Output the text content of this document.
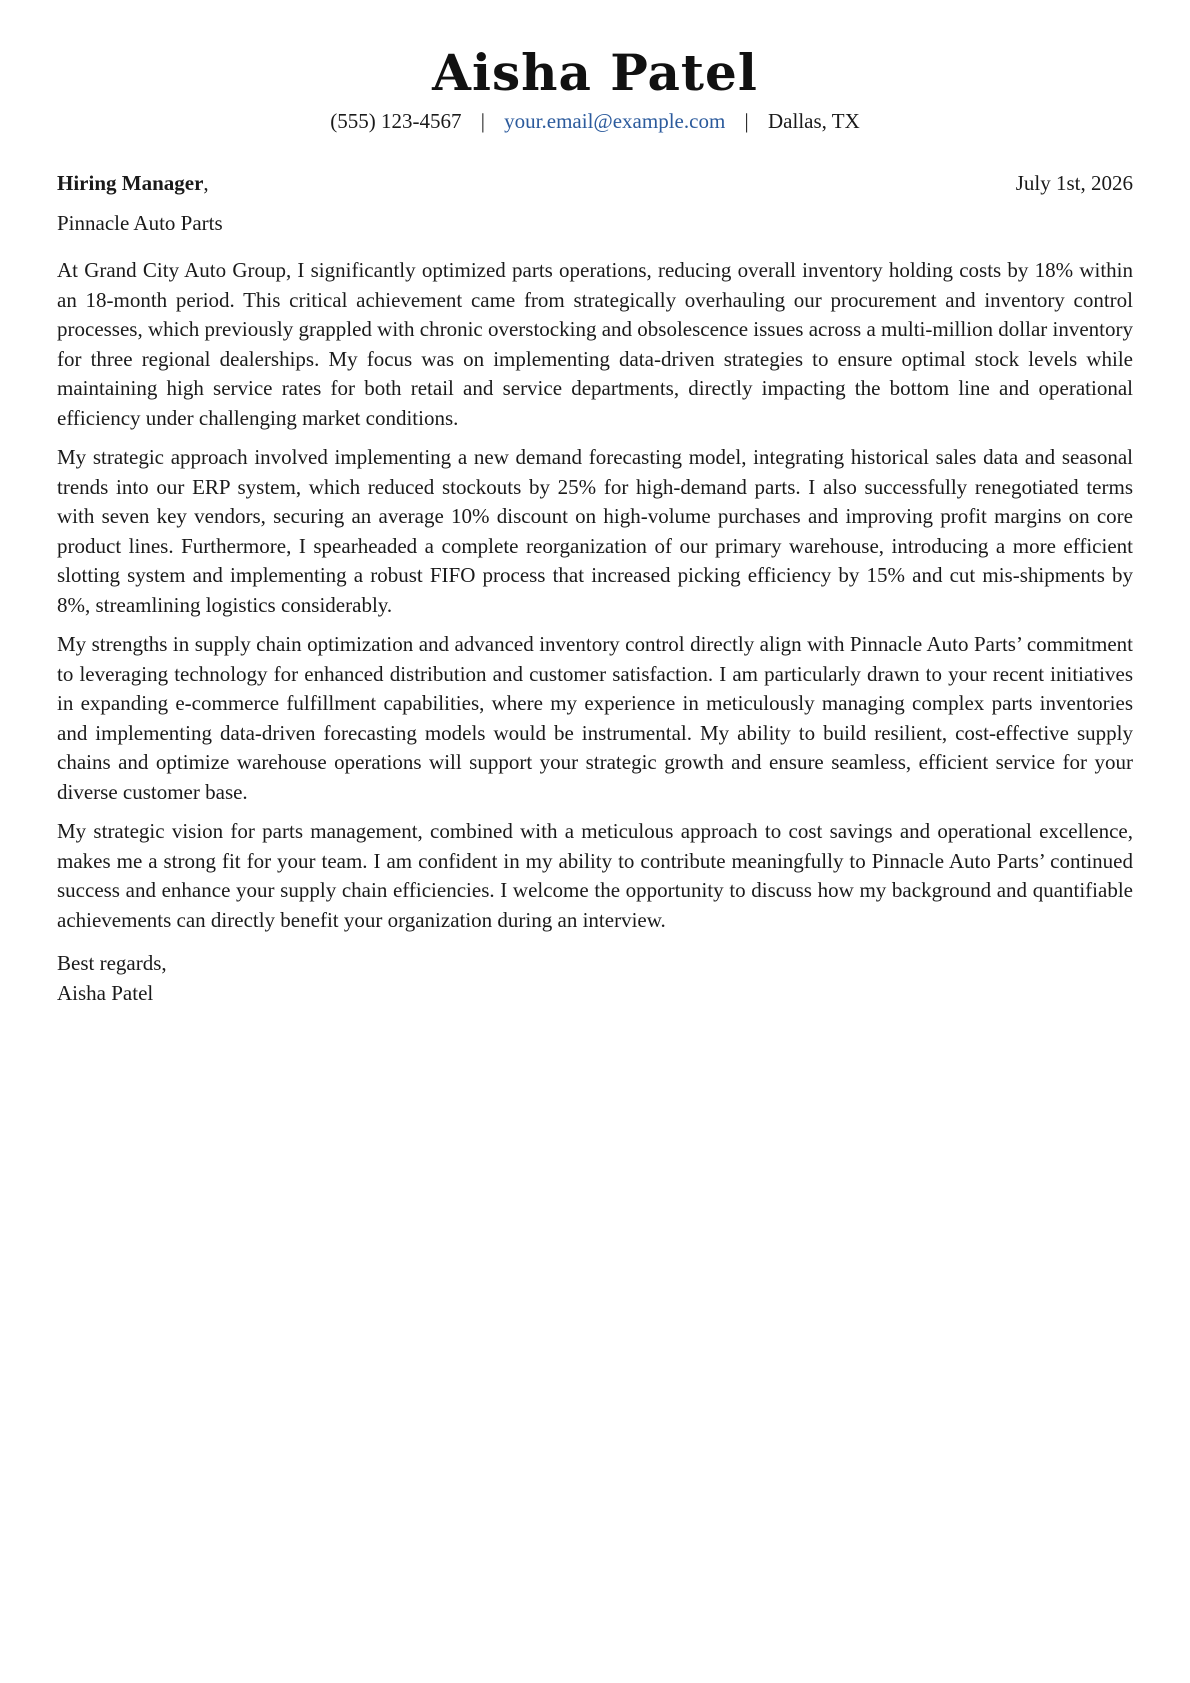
Aisha Patel
(555) 123-4567 | your.email@example.com | Dallas, TX
Hiring Manager,	July 1st, 2026
Pinnacle Auto Parts

At Grand City Auto Group, I significantly optimized parts operations, reducing overall inventory holding costs by 18% within an 18-month period. This critical achievement came from strategically overhauling our procurement and inventory control processes, which previously grappled with chronic overstocking and obsolescence issues across a multi-million dollar inventory for three regional dealerships. My focus was on implementing data-driven strategies to ensure optimal stock levels while maintaining high service rates for both retail and service departments, directly impacting the bottom line and operational efficiency under challenging market conditions.

My strategic approach involved implementing a new demand forecasting model, integrating historical sales data and seasonal trends into our ERP system, which reduced stockouts by 25% for high-demand parts. I also successfully renegotiated terms with seven key vendors, securing an average 10% discount on high-volume purchases and improving profit margins on core product lines. Furthermore, I spearheaded a complete reorganization of our primary warehouse, introducing a more efficient slotting system and implementing a robust FIFO process that increased picking efficiency by 15% and cut mis-shipments by 8%, streamlining logistics considerably.

My strengths in supply chain optimization and advanced inventory control directly align with Pinnacle Auto Parts’ commitment to leveraging technology for enhanced distribution and customer satisfaction. I am particularly drawn to your recent initiatives in expanding e-commerce fulfillment capabilities, where my experience in meticulously managing complex parts inventories and implementing data-driven forecasting models would be instrumental. My ability to build resilient, cost-effective supply chains and optimize warehouse operations will support your strategic growth and ensure seamless, efficient service for your diverse customer base.

My strategic vision for parts management, combined with a meticulous approach to cost savings and operational excellence, makes me a strong fit for your team. I am confident in my ability to contribute meaningfully to Pinnacle Auto Parts’ continued success and enhance your supply chain efficiencies. I welcome the opportunity to discuss how my background and quantifiable achievements can directly benefit your organization during an interview.

Best regards,
Aisha Patel
